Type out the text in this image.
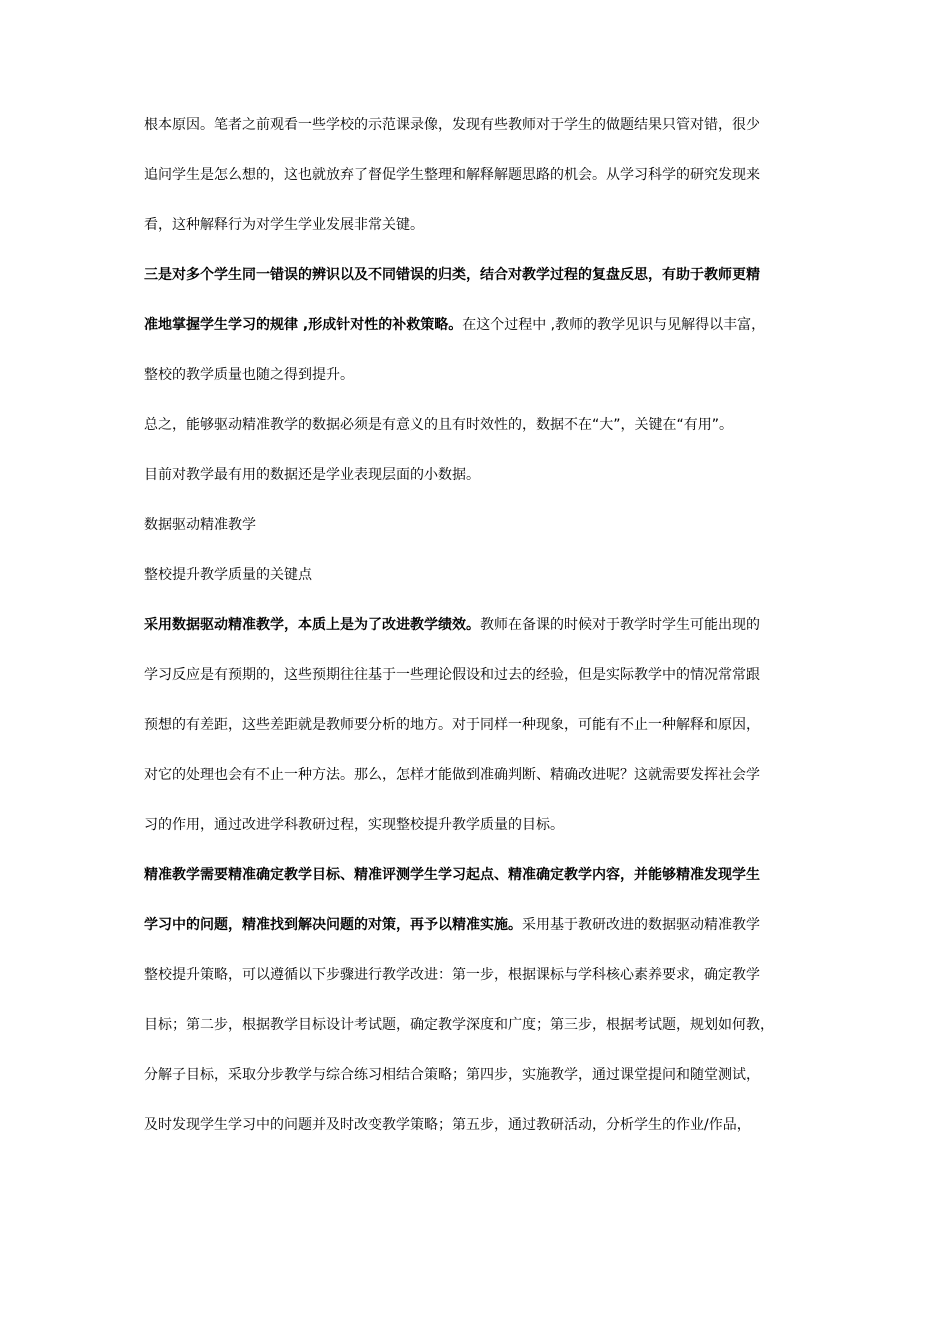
根本原因。笔者之前观看一些学校的示范课录像，发现有些教师对于学生的做题结果只管对错，很少
追问学生是怎么想的，这也就放弃了督促学生整理和解释解题思路的机会。从学习科学的研究发现来
看，这种解释行为对学生学业发展非常关键。
三是对多个学生同一错误的辨识以及不同错误的归类，结合对教学过程的复盘反思，有助于教师更精
准地掌握学生学习的规律 ,形成针对性的补救策略。在这个过程中 ,教师的教学见识与见解得以丰富，
整校的教学质量也随之得到提升。
总之，能够驱动精准教学的数据必须是有意义的且有时效性的，数据不在“大”，关键在“有用”。
目前对教学最有用的数据还是学业表现层面的小数据。
数据驱动精准教学
整校提升教学质量的关键点
采用数据驱动精准教学，本质上是为了改进教学绩效。教师在备课的时候对于教学时学生可能出现的
学习反应是有预期的，这些预期往往基于一些理论假设和过去的经验，但是实际教学中的情况常常跟
预想的有差距，这些差距就是教师要分析的地方。对于同样一种现象，可能有不止一种解释和原因，
对它的处理也会有不止一种方法。那么，怎样才能做到准确判断、精确改进呢？这就需要发挥社会学
习的作用，通过改进学科教研过程，实现整校提升教学质量的目标。
精准教学需要精准确定教学目标、精准评测学生学习起点、精准确定教学内容，并能够精准发现学生
学习中的问题，精准找到解决问题的对策，再予以精准实施。采用基于教研改进的数据驱动精准教学
整校提升策略，可以遵循以下步骤进行教学改进：第一步，根据课标与学科核心素养要求，确定教学
目标；第二步，根据教学目标设计考试题，确定教学深度和广度；第三步，根据考试题，规划如何教，
分解子目标，采取分步教学与综合练习相结合策略；第四步，实施教学，通过课堂提问和随堂测试，
及时发现学生学习中的问题并及时改变教学策略；第五步，通过教研活动，分析学生的作业/作品，
